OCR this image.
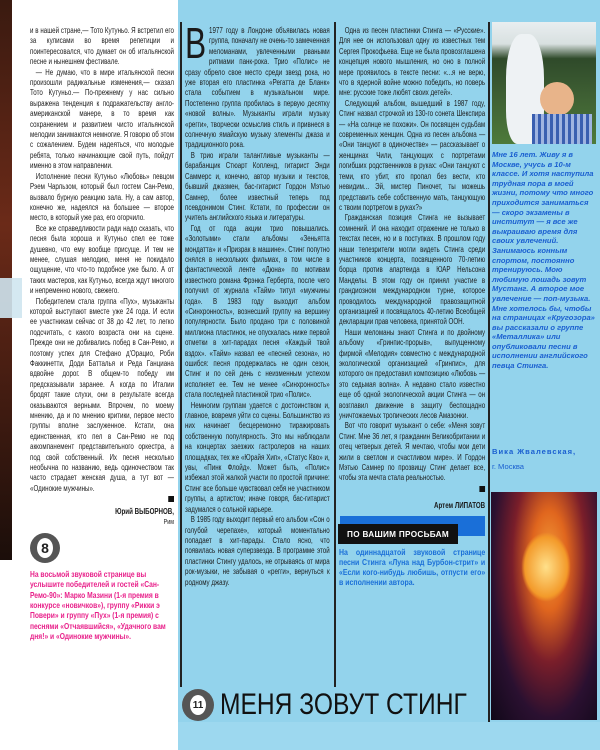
и в нашей стране,— Тото Кутуньо. Я встретил его за кулисами во время репетиции и поинтересовался, что думает он об итальянской песне и нынешнем фестивале.

— Не думаю, что в мире итальянской песни произошли радикальные изменения,— сказал Тото Кутуньо.— По-прежнему у нас сильно выражена тенденция к подражательству англо-американской манере, в то время как сохранением и развитием чисто итальянской мелодии занимаются немногие. Я говорю об этом с сожалением. Будем надеяться, что молодые ребята, только начинающие свой путь, пойдут именно в этом направлении.

Исполнение песни Кутуньо «Любовь» певцом Рэем Чарльзом, который был гостем Сан-Ремо, вызвало бурную реакцию зала. Ну, а сам автор, конечно же, надеялся на большее — второе место, в который уже раз, его огорчило.

Все же справедливости ради надо сказать, что песня была хороша и Кутуньо спел ее тоже душевно, что ему вообще присуще. И тем не менее, слушая мелодию, меня не покидало ощущение, что что-то подобное уже было. А от таких мастеров, как Кутуньо, всегда ждут многого и непременно нового, свежего.

Победителем стала группа «Пух», музыканты которой выступают вместе уже 24 года. И если ее участникам сейчас от 38 до 42 лет, то легко подсчитать, с какого возраста они на сцене. Прежде они не добивались побед в Сан-Ремо, и поэтому успех для Стефано д'Орацио, Роби Факкинетти, Доди Батталья и Реда Ганциана вдвойне дорог. В общем-то победу им предсказывали заранее. А когда по Италии бродят такие слухи, они в результате всегда оказываются верными. Впрочем, по моему мнению, да и по мнению критики, первое место группы вполне заслуженное. Кстати, она единственная, кто пел в Сан-Ремо не под аккомпанемент представительного оркестра, а под свой собственный. Их песня несколько необычна по названию, ведь одиночеством так часто страдает женская душа, а тут вот — «Одинокие мужчины».

Юрий ВЫБОРНОВ,
Рим
8
На восьмой звуковой странице вы услышите победителей и гостей «Сан-Ремо-90»: Марко Мазини (1-я премия в конкурсе «новичков»), группу «Рикки э Повери» и группу «Пух» (1-я премия) с песнями «Отчаявшийся», «Удачного вам дня!» и «Одинокие мужчины».

В 1977 году в Лондоне объявилась новая группа, поначалу не очень-то замеченная меломанами, увлеченными рваными ритмами панк-рока. Трио «Полис» не сразу обрело свое место среди звезд рока, но уже вторая его пластинка «Регатта де Бланк» стала событием в музыкальном мире. Постепенно группа пробилась в первую десятку «новой волны». Музыканты играли музыку «регги», творчески осмыслив стиль и привнеся в солнечную ямайскую музыку элементы джаза и традиционного рока.

В трио играли талантливые музыканты — барабанщик Стюарт Копленд, гитарист Энди Саммерс и, конечно, автор музыки и текстов, бывший джазмен, бас-гитарист Гордон Мэтью Самнер, более известный теперь под псевдонимом Стинг. Кстати, по профессии он учитель английского языка и литературы.

Год от года акции трио повышались. «Золотыми» стали альбомы «Зеньятта мондатта» и «Призрак в машине». Стинг попутно снялся в нескольких фильмах, в том числе в фантастической ленте «Дюна» по мотивам известного романа Фрэнка Герберта, после чего получил от журнала «Тайм» титул «мужчины года». В 1983 году выходит альбом «Синхронность», вознесший группу на вершину популярности. Было продано три с половиной миллиона пластинок, не опускалась ниже первой отметки в хит-парадах песня «Каждый твой вздох». «Тайм» назвал ее «песней сезона», но ошибся: песня продержалась не один сезон, Стинг и по сей день с неизменным успехом исполняет ее. Тем не менее «Синхронность» стала последней пластинкой трио «Полис».

Немногим группам удается с достоинством и, главное, вовремя уйти со сцены. Большинство из них начинает бесцеремонно тиражировать собственную популярность. Это мы наблюдали на концертах заезжих гастролеров на наших площадках, тех же «Юрайя Хип», «Статус Кво» и, увы, «Пинк Флойд». Может быть, «Полис» избежал этой жалкой участи по простой причине: Стинг все больше чувствовал себя не участником группы, а артистом; иначе говоря, бас-гитарист задумался о сольной карьере.

В 1985 году выходит первый его альбом «Сон о голубой черепахе», который моментально попадает в хит-парады. Стало ясно, что появилась новая суперзвезда. В программе этой пластинки Стингу удалось, не отрываясь от мира рок-музыки, не забывая о «регги», вернуться к родному джазу.

Одна из песен пластинки Стинга — «Русские». Для нее он использовал одну из известных тем Сергея Прокофьева. Еще не была провозглашена концепция нового мышления, но оно в полной мере проявилось в тексте песни: «...я не верю, что в ядерной войне можно победить, но поверь мне: русские тоже любят своих детей».

Следующий альбом, вышедший в 1987 году, Стинг назвал строчкой из 130-го сонета Шекспира — «На солнце не похожи». Он посвящен судьбам современных женщин. Одна из песен альбома — «Они танцуют в одиночестве» — рассказывает о женщинах Чили, танцующих с портретами погибших родственников в руках: «Они танцуют с теми, кто убит, кто пропал без вести, кто невидим... Эй, мистер Пиночет, ты можешь представить себе собственную мать, танцующую с твоим портретом в руках?»

Гражданская позиция Стинга не вызывает сомнений. И она находит отражение не только в текстах песен, но и в поступках. В прошлом году наши телезрители могли видеть Стинга среди участников концерта, посвященного 70-летию борца против апартеида в ЮАР Нельсона Манделы. В этом году он принял участие в грандиозном международном турне, которое проводилось международной правозащитной организацией и посвящалось 40-летию Всеобщей декларации прав человека, принятой ООН.

Наши меломаны знают Стинга и по двойному альбому «Гринпис-прорыв», выпущенному фирмой «Мелодия» совместно с международной экологической организацией «Гринпис», для которого он предоставил композицию «Любовь — это седьмая волна». А недавно стало известно еще об одной экологической акции Стинга — он возглавил движение в защиту беспощадно уничтожаемых тропических лесов Амазонки.

Вот что говорит музыкант о себе: «Меня зовут Стинг. Мне 36 лет, я гражданин Великобритании и отец четверых детей. Я мечтаю, чтобы мои дети жили в светлом и счастливом мире». И Гордон Мэтью Самнер по прозвищу Стинг делает все, чтобы эта мечта стала реальностью.

Артем ЛИПАТОВ
ПО ВАШИМ ПРОСЬБАМ
На одиннадцатой звуковой странице песни Стинга «Луна над Бурбон-стрит» и «Если кого-нибудь любишь, отпусти его» в исполнении автора.
Мне 16 лет. Живу я в Москве, учусь в 10-м классе. И хотя наступила трудная пора в моей жизни, потому что много приходится заниматься — скоро экзамены в институт — я все же выкраиваю время для своих увлечений. Занимаюсь конным спортом, постоянно тренируюсь. Мою любимую лошадь зовут Мустанг. А второе мое увлечение — поп-музыка. Мне хотелось бы, чтобы на страницах «Кругозора» вы рассказали о группе «Металлика» или опубликовали песни в исполнении английского певца Стинга.
Вика Жвалевская,
г. Москва
11 МЕНЯ ЗОВУТ СТИНГ
